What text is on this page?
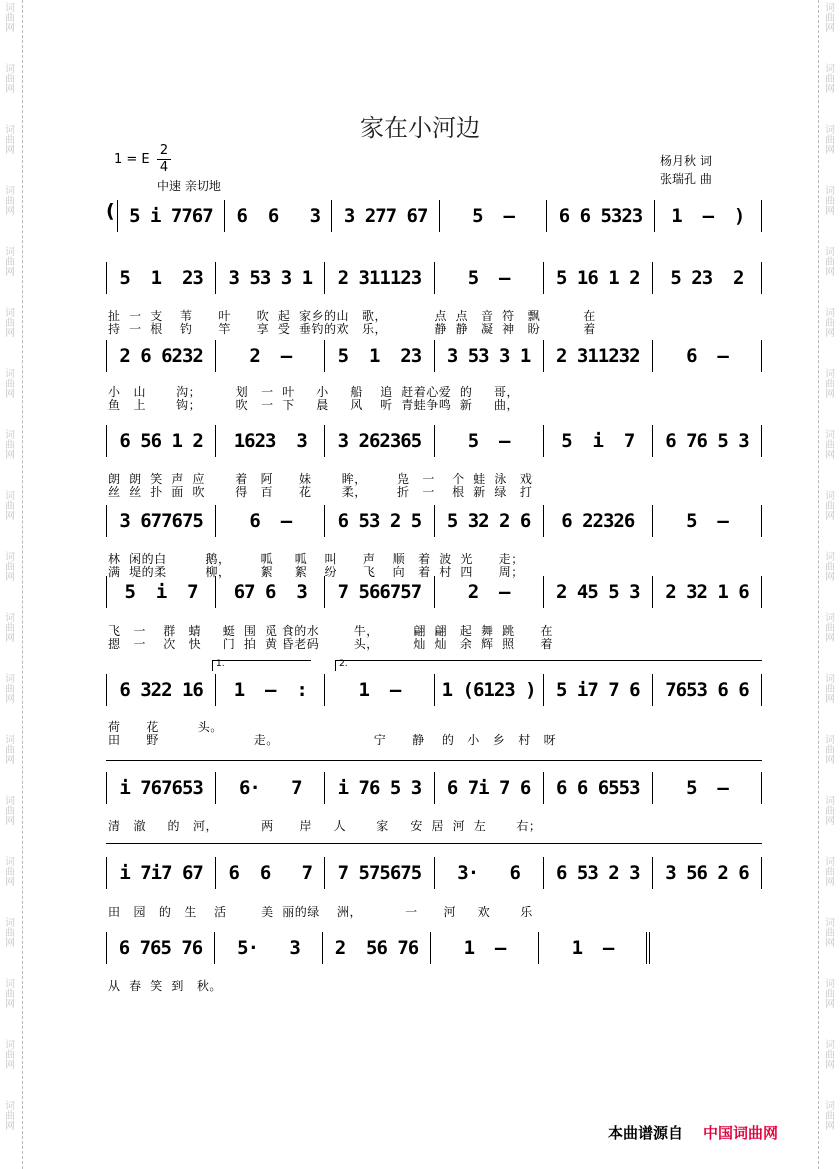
词曲网
词曲网
词曲网
词曲网
词曲网
词曲网
词曲网
词曲网
词曲网
词曲网
词曲网
词曲网
词曲网
词曲网
词曲网
词曲网
词曲网
词曲网
词曲网
词曲网
词曲网
词曲网
词曲网
词曲网
词曲网
词曲网
词曲网
词曲网
词曲网
词曲网
词曲网
词曲网
词曲网
词曲网
词曲网
词曲网
词曲网
词曲网
家在小河边
1 = E
2
4
中速 亲切地
杨月秋 词
张瑞孔 曲
( 5 i 7767	6  6   3	3 277 67	5  –	6 6 5323	1  –  )
5  1  23	3 53 3 1	2 311123	5  –	5 16 1 2	5 23  2
扯  一  支    苇      叶      吹  起  家乡的山   歌，           点  点   音  符   飘          在
持  一  根    钓      竿      享  受  垂钓的欢   乐，           静  静   凝  神   盼          着
2 6 6232	2  –	5  1  23	3 53 3 1	2 311232	6  –
小   山       沟；        划   一  叶     小     船    追  赶着心爱  的     哥，
鱼   上       钩；        吹   一  下     晨     风    听  青蛙争鸣  新     曲，
6 56 1 2	1623  3	3 262365	5  –	5  i  7	6 76 5 3
朗  朗  笑  声  应       着   阿      妹       眸，       凫   一    个  蛙  泳   戏
丝  丝  扑  面  吹       得   百      花       柔，       折   一    根  新  绿   打
3 677675	6  –	6 53 2 5	5 32 2 6	6 22326	5  –
林  闲的白         鹅，       呱     呱    叫      声    顺   着  波  光      走；
满  堤的柔         柳，       絮     絮    纷      飞    向   着  村  四      周；
5  i  7	67 6  3	7 566757	2  –	2 45 5 3	2 32 1 6
飞   一    群   蜻     蜓  围  觅 食的水        牛，        翩  翩   起  舞  跳      在
摁   一    次   快     门  拍  黄 昏老码        头，        灿  灿   余  辉  照      着
1.	2.
6 322 16	1  –  :	1  –	1 (6123 )	5 i7 7 6	7653 6 6
荷      花         头。
田      野                      走。                      宁      静    的   小   乡   村   呀
i 767653	6·   7	i 76 5 3	6 7i 7 6	6 6 6553	5  –
清   澈     的   河，          两      岸     人       家     安  居  河  左       右；
i 7i7 67	6  6   7	7 575675	3·   6	6 53 2 3	3 56 2 6
田   园   的   生    活        美  丽的绿    洲，          一      河     欢       乐
6 765 76	5·   3	2  56 76	1  –	1  –
从  春  笑  到   秋。
本曲谱源自 中国词曲网
